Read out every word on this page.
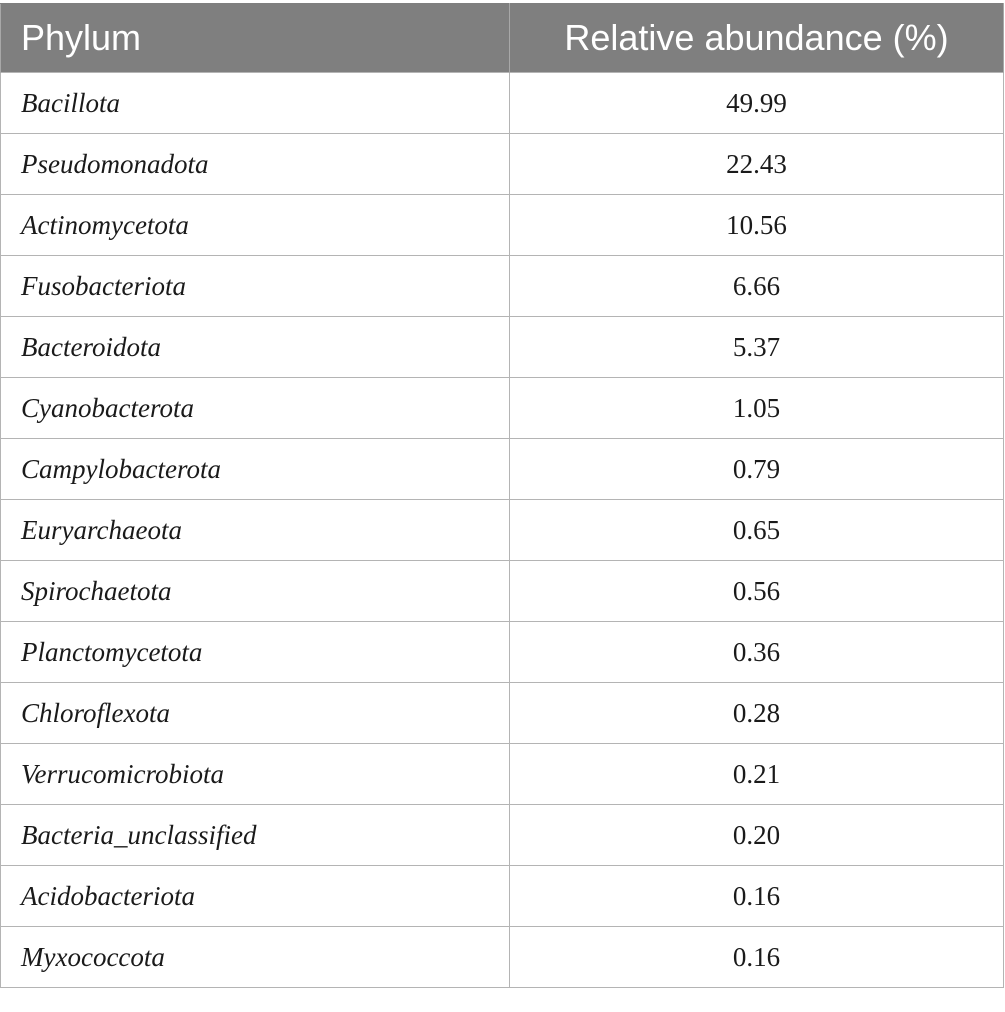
Phylum	Relative abundance (%)
Bacillota	49.99
Pseudomonadota	22.43
Actinomycetota	10.56
Fusobacteriota	6.66
Bacteroidota	5.37
Cyanobacterota	1.05
Campylobacterota	0.79
Euryarchaeota	0.65
Spirochaetota	0.56
Planctomycetota	0.36
Chloroflexota	0.28
Verrucomicrobiota	0.21
Bacteria_unclassified	0.20
Acidobacteriota	0.16
Myxococcota	0.16
